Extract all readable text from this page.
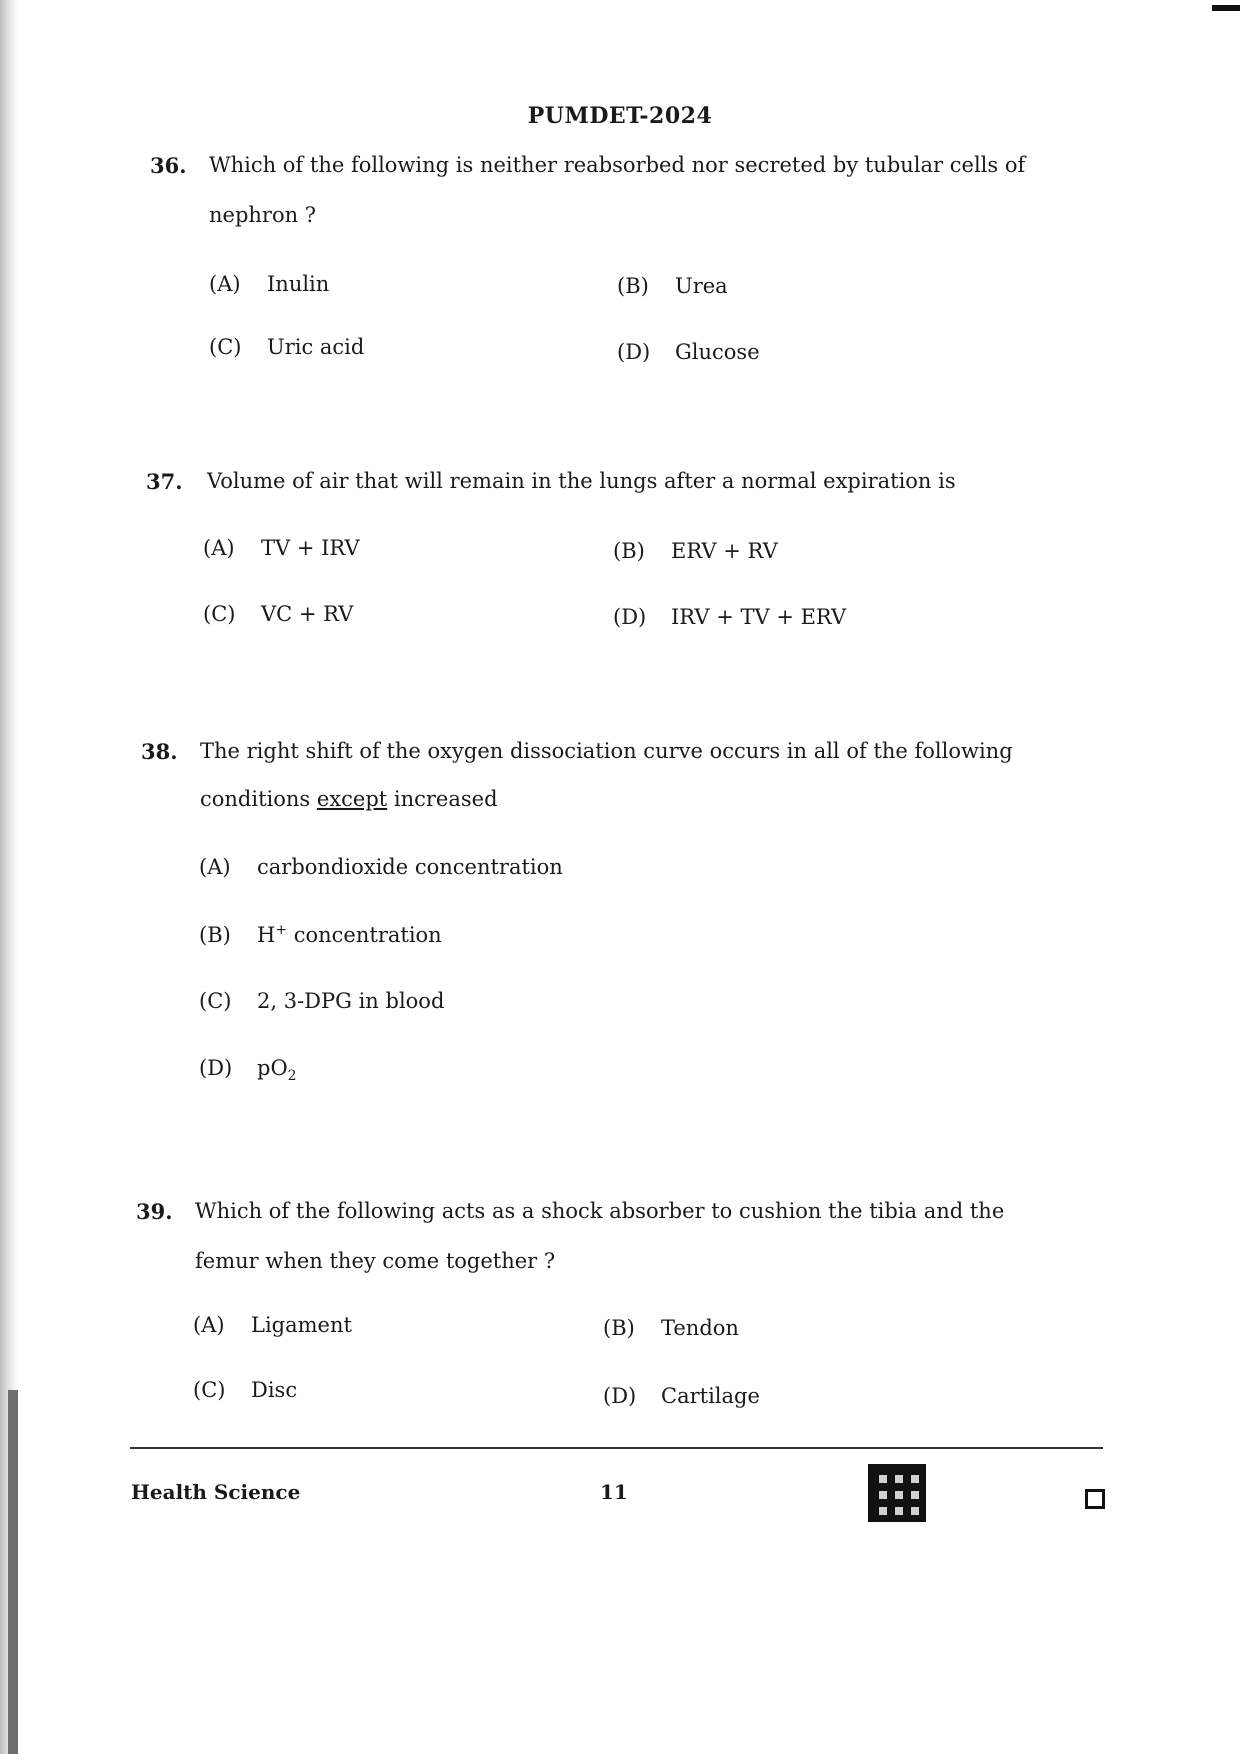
PUMDET-2024
36. Which of the following is neither reabsorbed nor secreted by tubular cells of
nephron ?
(A) Inulin	(B) Urea
(C) Uric acid	(D) Glucose
37. Volume of air that will remain in the lungs after a normal expiration is
(A) TV + IRV	(B) ERV + RV
(C) VC + RV	(D) IRV + TV + ERV
38. The right shift of the oxygen dissociation curve occurs in all of the following
conditions except increased
(A) carbondioxide concentration
(B) H+ concentration
(C) 2, 3-DPG in blood
(D) $pO_2$
39. Which of the following acts as a shock absorber to cushion the tibia and the
femur when they come together ?
(A) Ligament	(B) Tendon
(C) Disc	(D) Cartilage
Health Science	11
